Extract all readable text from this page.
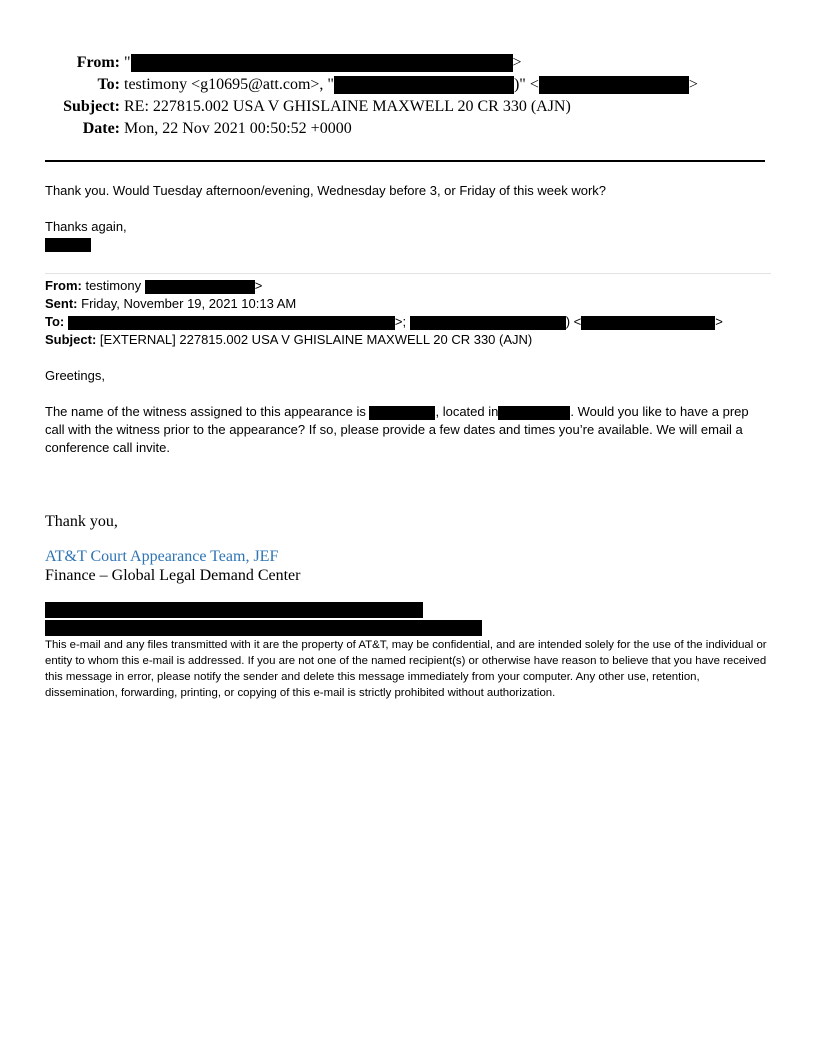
From: "	>
To: testimony <g10695@att.com>, "	)" <	>
Subject: RE: 227815.002 USA V GHISLAINE MAXWELL 20 CR 330 (AJN)
Date: Mon, 22 Nov 2021 00:50:52 +0000
Thank you. Would Tuesday afternoon/evening, Wednesday before 3, or Friday of this week work?
Thanks again,
From: testimony	>
Sent: Friday, November 19, 2021 10:13 AM
To:	>;	) <	>
Subject: [EXTERNAL] 227815.002 USA V GHISLAINE MAXWELL 20 CR 330 (AJN)
Greetings,
The name of the witness assigned to this appearance is	, located in	. Would you like to have a prep call with the witness prior to the appearance? If so, please provide a few dates and times you’re available. We will email a conference call invite.
Thank you,
AT&T Court Appearance Team, JEF
Finance – Global Legal Demand Center
This e-mail and any files transmitted with it are the property of AT&T, may be confidential, and are intended solely for the use of the individual or entity to whom this e-mail is addressed. If you are not one of the named recipient(s) or otherwise have reason to believe that you have received this message in error, please notify the sender and delete this message immediately from your computer. Any other use, retention, dissemination, forwarding, printing, or copying of this e-mail is strictly prohibited without authorization.
